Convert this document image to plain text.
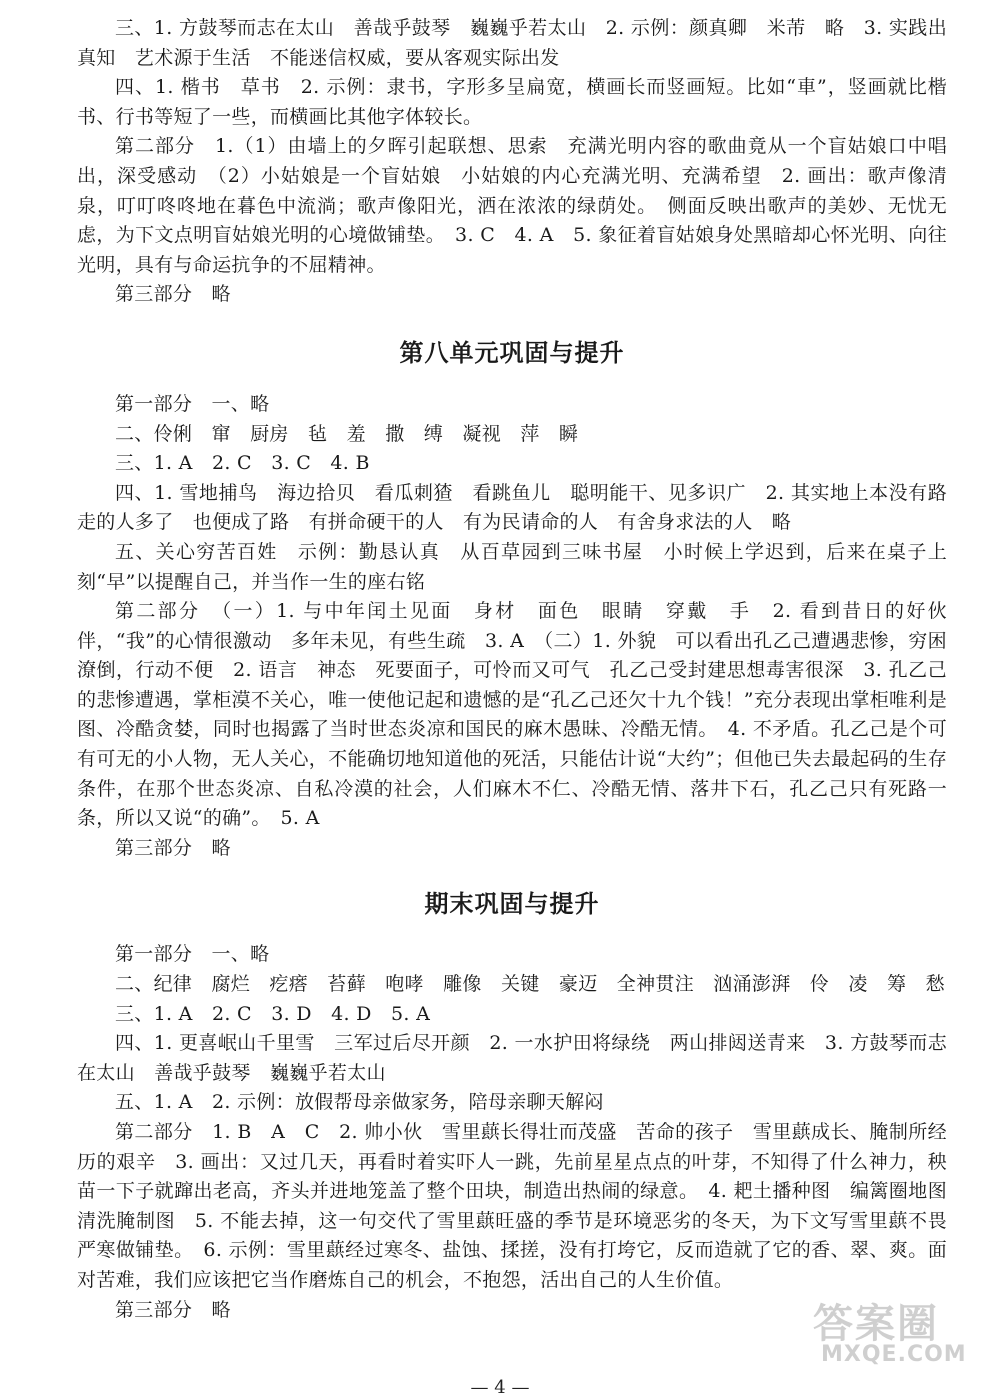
三、1. 方鼓琴而志在太山　善哉乎鼓琴　巍巍乎若太山　2. 示例：颜真卿　米芾　略　3. 实践出真知　艺术源于生活　不能迷信权威，要从客观实际出发

四、1. 楷书　草书　2. 示例：隶书，字形多呈扁宽，横画长而竖画短。比如“車”，竖画就比楷书、行书等短了一些，而横画比其他字体较长。

第二部分　1.（1）由墙上的夕晖引起联想、思索　充满光明内容的歌曲竟从一个盲姑娘口中唱出，深受感动　（2）小姑娘是一个盲姑娘　小姑娘的内心充满光明、充满希望　2. 画出：歌声像清泉，叮叮咚咚地在暮色中流淌；歌声像阳光，洒在浓浓的绿荫处。　侧面反映出歌声的美妙、无忧无虑，为下文点明盲姑娘光明的心境做铺垫。　3. C　4. A　5. 象征着盲姑娘身处黑暗却心怀光明、向往光明，具有与命运抗争的不屈精神。

第三部分　略

第八单元巩固与提升

第一部分　一、略

二、伶俐　窜　厨房　毡　羞　撒　缚　凝视　萍　瞬

三、1. A　2. C　3. C　4. B

四、1. 雪地捕鸟　海边拾贝　看瓜刺猹　看跳鱼儿　聪明能干、见多识广　2. 其实地上本没有路　走的人多了　也便成了路　有拼命硬干的人　有为民请命的人　有舍身求法的人　略

五、关心穷苦百姓　示例：勤恳认真　从百草园到三味书屋　小时候上学迟到，后来在桌子上刻“早”以提醒自己，并当作一生的座右铭

第二部分　（一）1. 与中年闰土见面　身材　面色　眼睛　穿戴　手　2. 看到昔日的好伙伴，“我”的心情很激动　多年未见，有些生疏　3. A　（二）1. 外貌　可以看出孔乙己遭遇悲惨，穷困潦倒，行动不便　2. 语言　神态　死要面子，可怜而又可气　孔乙己受封建思想毒害很深　3. 孔乙己的悲惨遭遇，掌柜漠不关心，唯一使他记起和遗憾的是“孔乙己还欠十九个钱！”充分表现出掌柜唯利是图、冷酷贪婪，同时也揭露了当时世态炎凉和国民的麻木愚昧、冷酷无情。　4. 不矛盾。孔乙己是个可有可无的小人物，无人关心，不能确切地知道他的死活，只能估计说“大约”；但他已失去最起码的生存条件，在那个世态炎凉、自私冷漠的社会，人们麻木不仁、冷酷无情、落井下石，孔乙己只有死路一条，所以又说“的确”。　5. A

第三部分　略

期末巩固与提升

第一部分　一、略

二、纪律　腐烂　疙瘩　苔藓　咆哮　雕像　关键　豪迈　全神贯注　汹涌澎湃　伶　凌　筹　愁

三、1. A　2. C　3. D　4. D　5. A

四、1. 更喜岷山千里雪　三军过后尽开颜　2. 一水护田将绿绕　两山排闼送青来　3. 方鼓琴而志在太山　善哉乎鼓琴　巍巍乎若太山

五、1. A　2. 示例：放假帮母亲做家务，陪母亲聊天解闷

第二部分　1. B　A　C　2. 帅小伙　雪里蕻长得壮而茂盛　苦命的孩子　雪里蕻成长、腌制所经历的艰辛　3. 画出：又过几天，再看时着实吓人一跳，先前星星点点的叶芽，不知得了什么神力，秧苗一下子就蹿出老高，齐头并进地笼盖了整个田块，制造出热闹的绿意。　4. 耙土播种图　编篱圈地图　清洗腌制图　5. 不能去掉，这一句交代了雪里蕻旺盛的季节是环境恶劣的冬天，为下文写雪里蕻不畏严寒做铺垫。　6. 示例：雪里蕻经过寒冬、盐蚀、揉搓，没有打垮它，反而造就了它的香、翠、爽。面对苦难，我们应该把它当作磨炼自己的机会，不抱怨，活出自己的人生价值。

第三部分　略

— 4 —
答案圈
MXQE.COM
